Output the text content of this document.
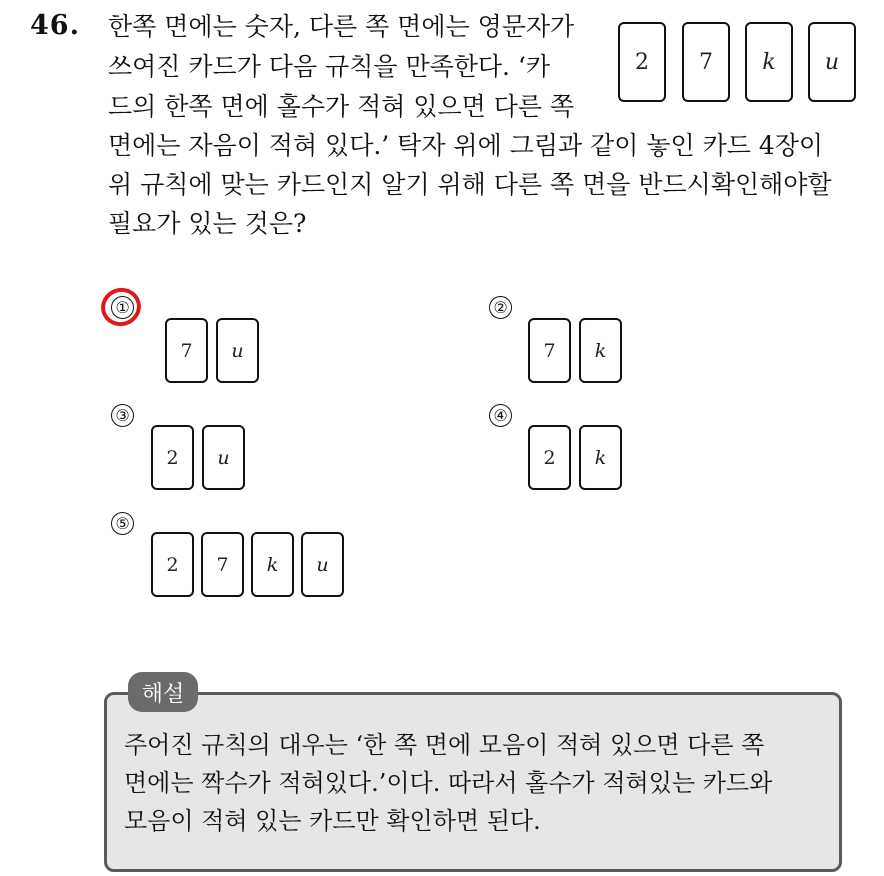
46. 한쪽 면에는 숫자, 다른 쪽 면에는 영문자가
쓰여진 카드가 다음 규칙을 만족한다. ‘카
드의 한쪽 면에 홀수가 적혀 있으면 다른 쪽
면에는 자음이 적혀 있다.’ 탁자 위에 그림과 같이 놓인 카드 4장이
위 규칙에 맞는 카드인지 알기 위해 다른 쪽 면을 반드시확인해야할
필요가 있는 것은?
2 7 k u
①
7 u
②
7 k
③
2 u
④
2 k
⑤
2 7 k u
해설
주어진 규칙의 대우는 ‘한 쪽 면에 모음이 적혀 있으면 다른 쪽
면에는 짝수가 적혀있다.’이다. 따라서 홀수가 적혀있는 카드와
모음이 적혀 있는 카드만 확인하면 된다.
